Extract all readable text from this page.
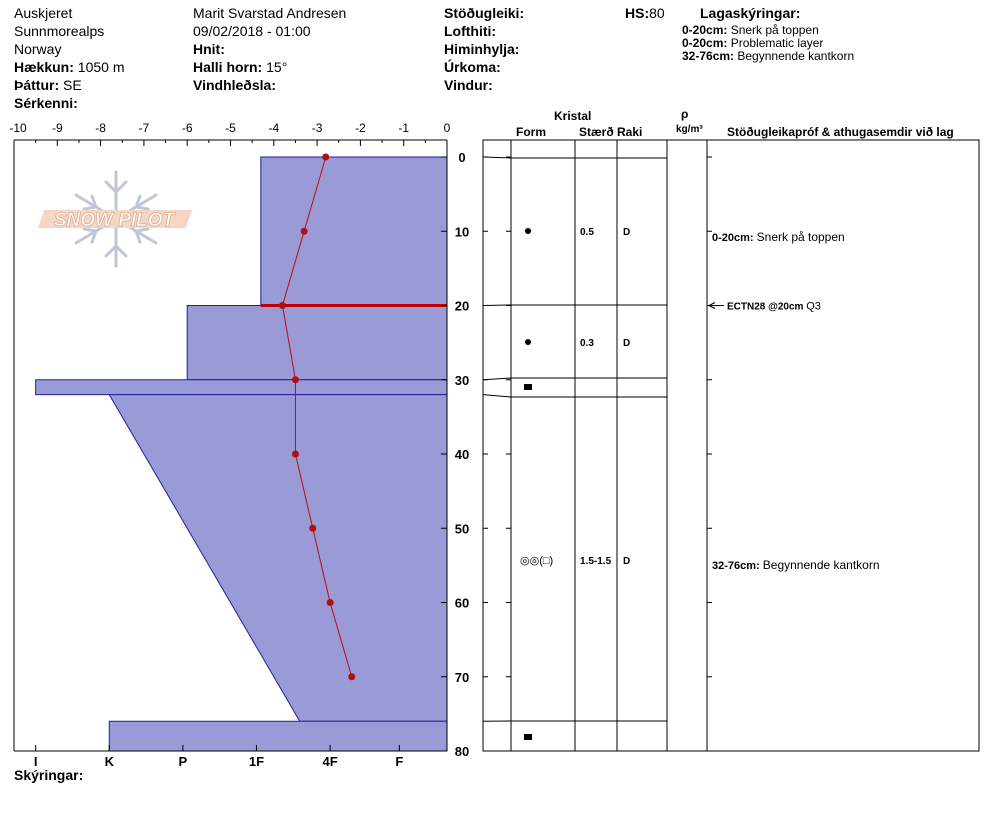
Auskjeret
Sunnmorealps
Norway
Hækkun: 1050 m
Þáttur: SE
Sérkenni:
Marit Svarstad Andresen
09/02/2018 - 01:00
Hnit:
Halli horn: 15°
Vindhleðsla:
Stöðugleiki:
Lofthiti:
Himinhylja:
Úrkoma:
Vindur:
HS:80	Lagaskýringar:
0-20cm: Snerk på toppen
0-20cm: Problematic layer
32-76cm: Begynnende kantkorn
Kristal
Form	Stærð Raki
ρ
kg/m³ Stöðugleikapróf & athugasemdir við lag
Skýringar:
SNOW PILOT
-10 -9	-8	-7	-6	-5	-4	-3	-2	-1	0
0
10
20
30
40
50
60
70
80
I	K	P	1F	4F	F
0.5	D	0-20cm: Snerk på toppen
0.3	D
◎◎(□)	1.5-1.5 D	32-76cm: Begynnende kantkorn
ECTN28 @20cm Q3
